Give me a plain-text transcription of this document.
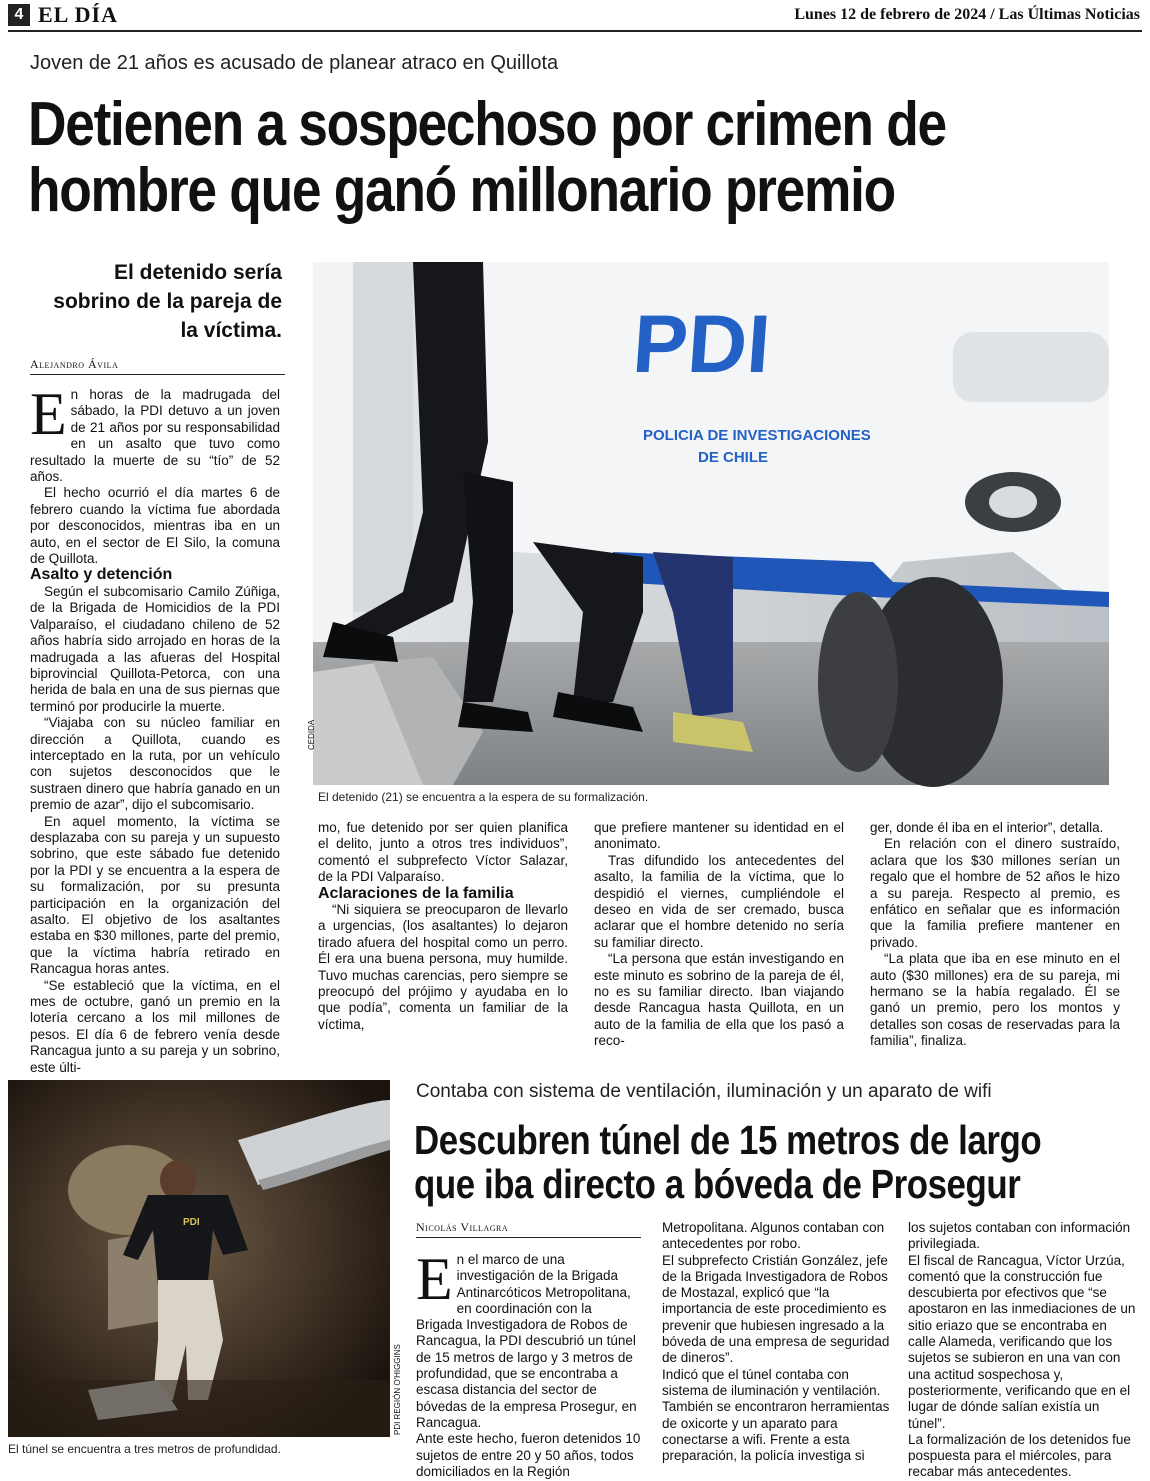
4 EL DÍA	Lunes 12 de febrero de 2024 / Las Últimas Noticias
Joven de 21 años es acusado de planear atraco en Quillota
Detienen a sospechoso por crimen de
hombre que ganó millonario premio
El detenido sería sobrino de la pareja de la víctima.
Alejandro Ávila	PDI
POLICIA DE INVESTIGACIONES
DE CHILE
CEDIDA
El detenido (21) se encuentra a la espera de su formalización.

En horas de la madrugada del sábado, la PDI detuvo a un joven de 21 años por su responsabilidad en un asalto que tuvo como resultado la muerte de su “tío” de 52 años.

El hecho ocurrió el día martes 6 de febrero cuando la víctima fue abordada por desconocidos, mientras iba en un auto, en el sector de El Silo, la comuna de Quillota.

Asalto y detención

Según el subcomisario Camilo Zúñiga, de la Brigada de Homicidios de la PDI Valparaíso, el ciudadano chileno de 52 años habría sido arrojado en horas de la madrugada a las afueras del Hospital biprovincial Quillota-Petorca, con una herida de bala en una de sus piernas que terminó por producirle la muerte.

“Viajaba con su núcleo familiar en dirección a Quillota, cuando es interceptado en la ruta, por un vehículo con sujetos desconocidos que le sustraen dinero que habría ganado en un premio de azar”, dijo el subcomisario.

En aquel momento, la víctima se desplazaba con su pareja y un supuesto sobrino, que este sábado fue detenido por la PDI y se encuentra a la espera de su formalización, por su presunta participación en la organización del asalto. El objetivo de los asaltantes estaba en $30 millones, parte del premio, que la víctima habría retirado en Rancagua horas antes.

“Se estableció que la víctima, en el mes de octubre, ganó un premio en la lotería cercano a los mil millones de pesos. El día 6 de febrero venía desde Rancagua junto a su pareja y un sobrino, este últi-

mo, fue detenido por ser quien planifica el delito, junto a otros tres individuos”, comentó el subprefecto Víctor Salazar, de la PDI Valparaíso.

Aclaraciones de la familia

“Ni siquiera se preocuparon de llevarlo a urgencias, (los asaltantes) lo dejaron tirado afuera del hospital como un perro. Él era una buena persona, muy humilde. Tuvo muchas carencias, pero siempre se preocupó del prójimo y ayudaba en lo que podía”, comenta un familiar de la víctima,

que prefiere mantener su identidad en el anonimato.

Tras difundido los antecedentes del asalto, la familia de la víctima, que lo despidió el viernes, cumpliéndole el deseo en vida de ser cremado, busca aclarar que el hombre detenido no sería su familiar directo.

“La persona que están investigando en este minuto es sobrino de la pareja de él, no es su familiar directo. Iban viajando desde Rancagua hasta Quillota, en un auto de la familia de ella que los pasó a reco-

ger, donde él iba en el interior”, detalla.

En relación con el dinero sustraído, aclara que los $30 millones serían un regalo que el hombre de 52 años le hizo a su pareja. Respecto al premio, es enfático en señalar que es información que la familia prefiere mantener en privado.

“La plata que iba en ese minuto en el auto ($30 millones) era de su pareja, mi hermano se la había regalado. Él se ganó un premio, pero los montos y detalles son cosas de reservadas para la familia”, finaliza.

PDI
PDI REGIÓN O'HIGGINS
El túnel se encuentra a tres metros de profundidad.
Contaba con sistema de ventilación, iluminación y un aparato de wifi
Descubren túnel de 15 metros de largo
que iba directo a bóveda de Prosegur
Nicolás Villagra

En el marco de una investigación de la Brigada Antinarcóticos Metropolitana, en coordinación con la Brigada Investigadora de Robos de Rancagua, la PDI descubrió un túnel de 15 metros de largo y 3 metros de profundidad, que se encontraba a escasa distancia del sector de bóvedas de la empresa Prosegur, en Rancagua.

Ante este hecho, fueron detenidos 10 sujetos de entre 20 y 50 años, todos domiciliados en la Región

Metropolitana. Algunos contaban con antecedentes por robo.

El subprefecto Cristián González, jefe de la Brigada Investigadora de Robos de Mostazal, explicó que “la importancia de este procedimiento es prevenir que hubiesen ingresado a la bóveda de una empresa de seguridad de dineros”.

Indicó que el túnel contaba con sistema de iluminación y ventilación. También se encontraron herramientas de oxicorte y un aparato para conectarse a wifi. Frente a esta preparación, la policía investiga si

los sujetos contaban con información privilegiada.

El fiscal de Rancagua, Víctor Urzúa, comentó que la construcción fue descubierta por efectivos que “se apostaron en las inmediaciones de un sitio eriazo que se encontraba en calle Alameda, verificando que los sujetos se subieron en una van con una actitud sospechosa y, posteriormente, verificando que en el lugar de dónde salían existía un túnel”.

La formalización de los detenidos fue pospuesta para el miércoles, para recabar más antecedentes.
